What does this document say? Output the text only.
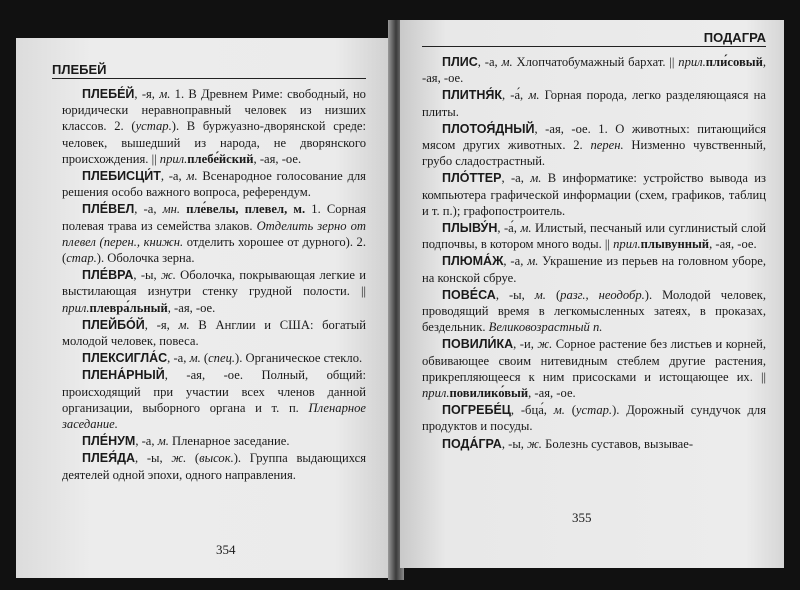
ПЛЕБЕЙ

ПЛЕБЕ́Й, -я, м. 1. В Древнем Риме: свободный, но юридически неравноправный человек из низших классов. 2. (устар.). В буржуазно-дворянской среде: человек, вышедший из народа, не дворянского происхождения. || прил.плебе́йский, -ая, -ое.

ПЛЕБИСЦИ́Т, -а, м. Всенародное голосование для решения особо важного вопроса, референдум.

ПЛЕ́ВЕЛ, -а, мн. пле́велы, плевел, м. 1. Сорная полевая трава из семейства злаков. Отделить зерно от плевел (перен., книжн. отделить хорошее от дурного). 2. (стар.). Оболочка зерна.

ПЛЕ́ВРА, -ы, ж. Оболочка, покрывающая легкие и выстилающая изнутри стенку грудной полости. || прил.плевра́льный, -ая, -ое.

ПЛЕЙБО́Й, -я, м. В Англии и США: богатый молодой человек, повеса.

ПЛЕКСИГЛА́С, -а, м. (спец.). Органическое стекло.

ПЛЕНА́РНЫЙ, -ая, -ое. Полный, общий: происходящий при участии всех членов данной организации, выборного органа и т. п. Пленарное заседание.

ПЛЕ́НУМ, -а, м. Пленарное заседание.

ПЛЕЯ́ДА, -ы, ж. (высок.). Группа выдающихся деятелей одной эпохи, одного направления.

354
ПОДАГРА

ПЛИС, -а, м. Хлопчатобумажный бархат. || прил.пли́совый, -ая, -ое.

ПЛИТНЯ́К, -а́, м. Горная порода, легко разделяющаяся на плиты.

ПЛОТОЯ́ДНЫЙ, -ая, -ое. 1. О животных: питающийся мясом других животных. 2. перен. Низменно чувственный, грубо сладострастный.

ПЛО́ТТЕР, -а, м. В информатике: устройство вывода из компьютера графической информации (схем, графиков, таблиц и т. п.); графопостроитель.

ПЛЫВУ́Н, -а́, м. Илистый, песчаный или суглинистый слой подпочвы, в котором много воды. || прил.плывунный, -ая, -ое.

ПЛЮМА́Ж, -а, м. Украшение из перьев на головном уборе, на конской сбруе.

ПОВЕ́СА, -ы, м. (разг., неодобр.). Молодой человек, проводящий время в легкомысленных затеях, в проказах, бездельник. Великовозрастный п.

ПОВИЛИ́КА, -и, ж. Сорное растение без листьев и корней, обвивающее своим нитевидным стеблем другие растения, прикрепляющееся к ним присосками и истощающее их. || прил.повилико́вый, -ая, -ое.

ПОГРЕБЕ́Ц, -бца́, м. (устар.). Дорожный сундучок для продуктов и посуды.

ПОДА́ГРА, -ы, ж. Болезнь суставов, вызывае-

355
